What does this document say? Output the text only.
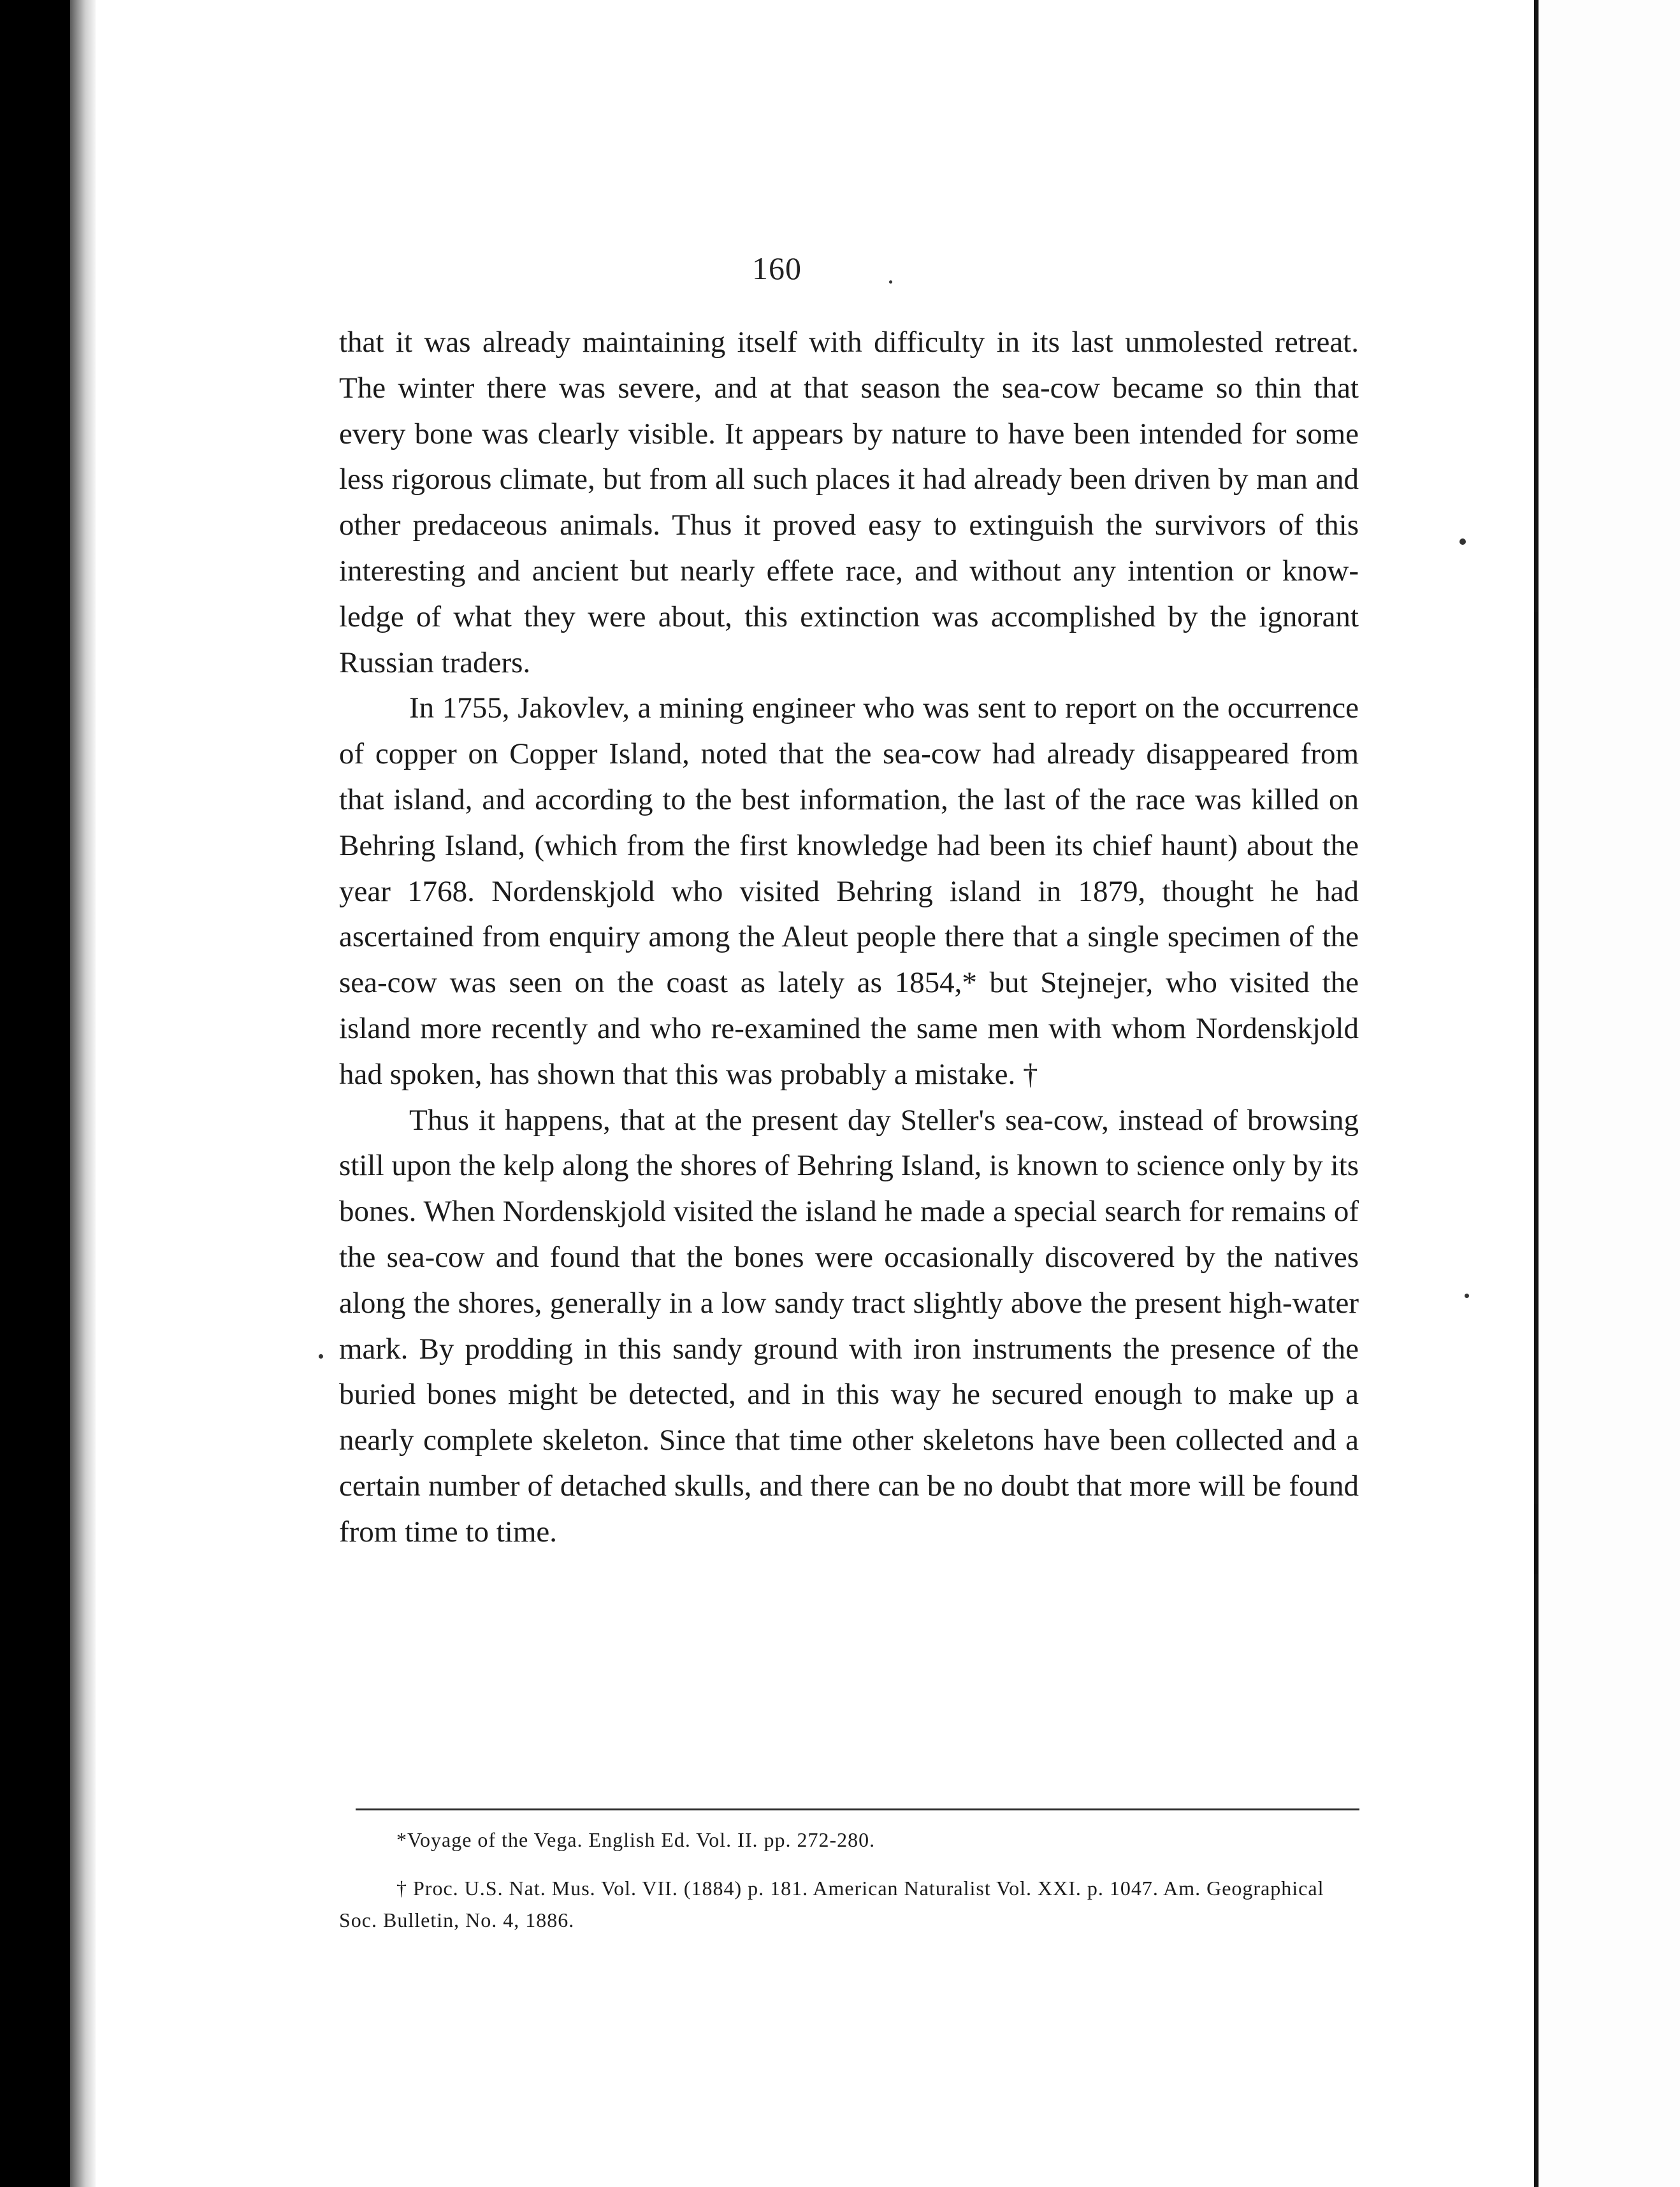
160

that it was already maintaining itself with difficulty in its last unmolested retreat. The winter there was severe, and at that season the sea-cow became so thin that every bone was clearly visible. It appears by nature to have been intended for some less rigorous climate, but from all such places it had already been driven by man and other predaceous animals. Thus it proved easy to extinguish the survivors of this interesting and ancient but nearly effete race, and without any intention or know-ledge of what they were about, this extinction was accomplished by the ignorant Russian traders.

In 1755, Jakovlev, a mining engineer who was sent to report on the occurrence of copper on Copper Island, noted that the sea-cow had already disappeared from that island, and according to the best information, the last of the race was killed on Behring Island, (which from the first knowledge had been its chief haunt) about the year 1768. Nordenskjold who visited Behring island in 1879, thought he had ascertained from enquiry among the Aleut people there that a single specimen of the sea-cow was seen on the coast as lately as 1854,* but Stejnejer, who visited the island more recently and who re-examined the same men with whom Nordenskjold had spoken, has shown that this was probably a mistake. †

Thus it happens, that at the present day Steller's sea-cow, instead of browsing still upon the kelp along the shores of Behring Island, is known to science only by its bones. When Nordenskjold visited the island he made a special search for remains of the sea-cow and found that the bones were occasionally discovered by the natives along the shores, generally in a low sandy tract slightly above the present high-water mark. By prodding in this sandy ground with iron instruments the presence of the buried bones might be detected, and in this way he secured enough to make up a nearly complete skeleton. Since that time other skeletons have been collected and a certain number of detached skulls, and there can be no doubt that more will be found from time to time.

*Voyage of the Vega. English Ed. Vol. II. pp. 272-280.

† Proc. U.S. Nat. Mus. Vol. VII. (1884) p. 181. American Naturalist Vol. XXI. p. 1047. Am. Geographical Soc. Bulletin, No. 4, 1886.
